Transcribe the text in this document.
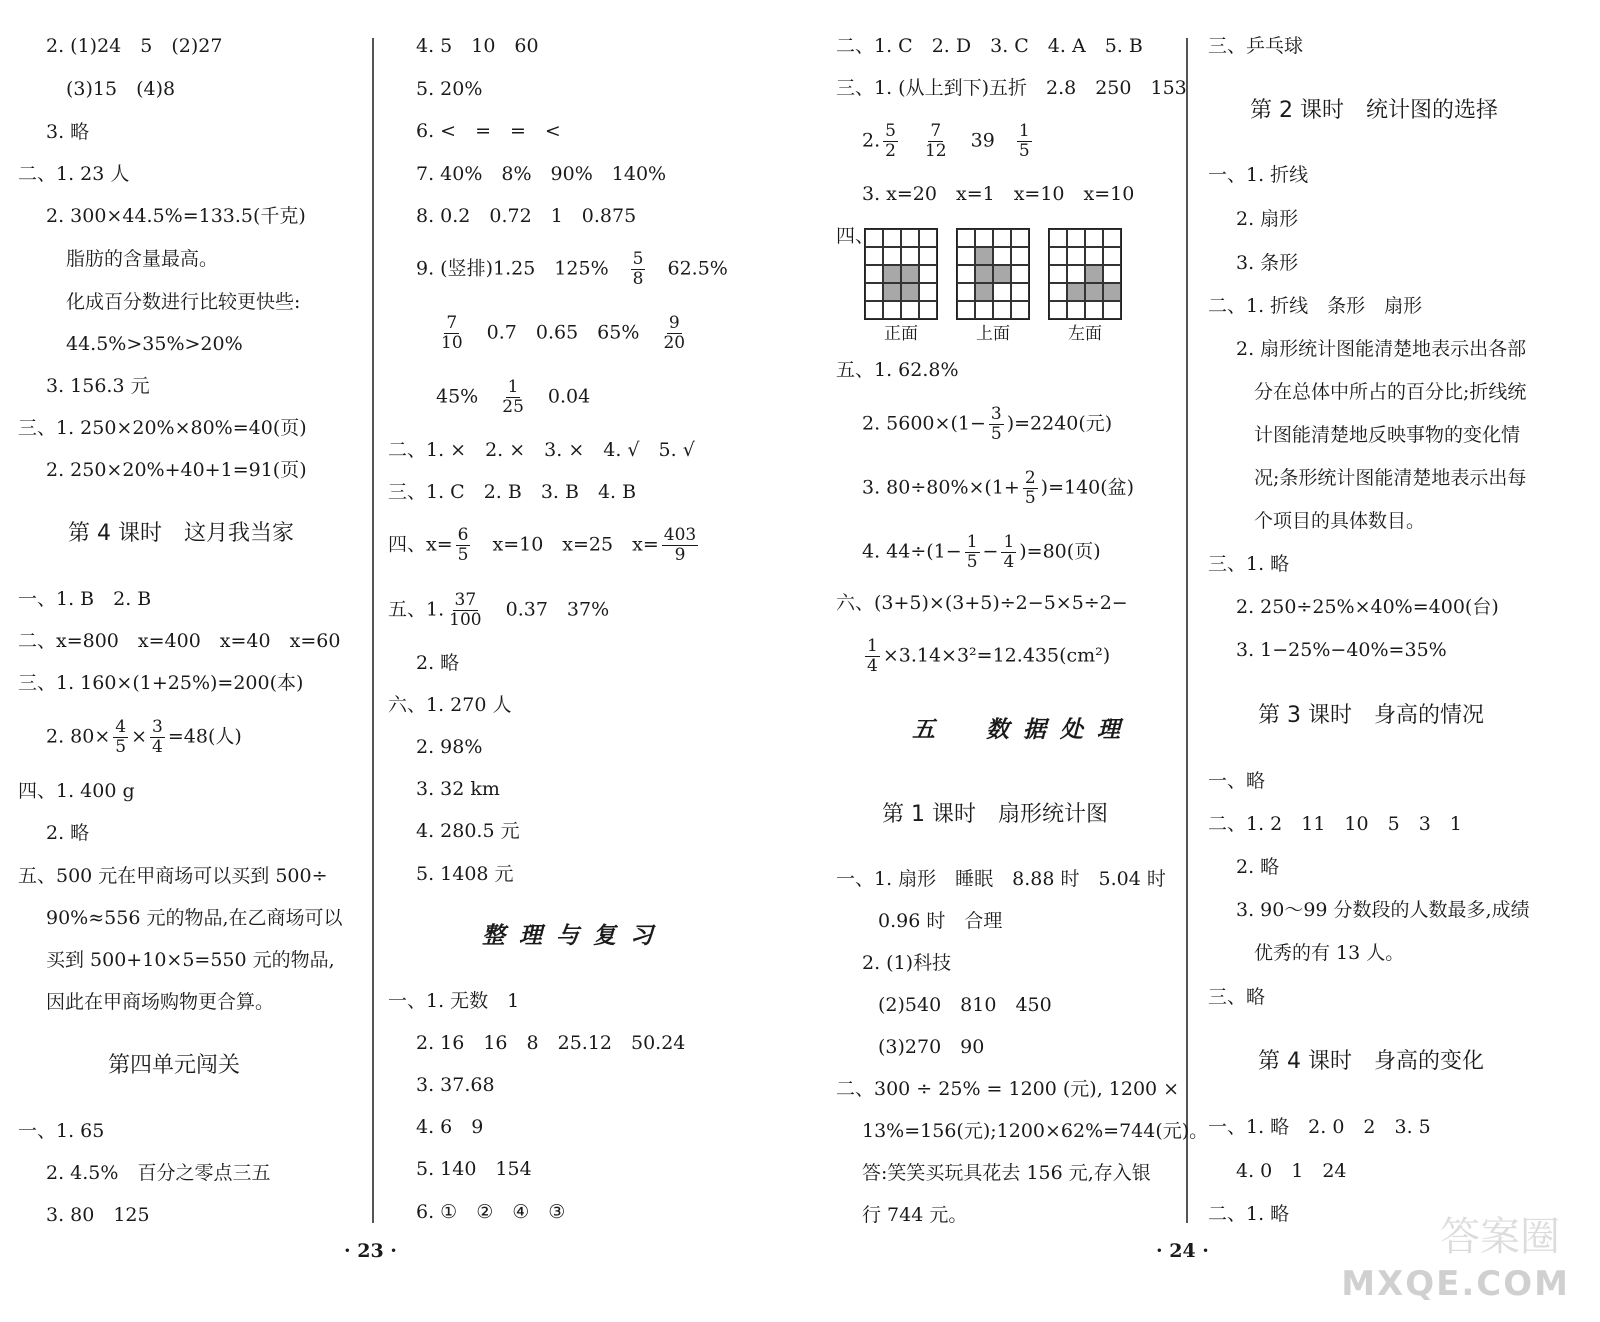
2. (1)24　5　(2)27
(3)15　(4)8
3. 略
二、1. 23 人
2. 300×44.5%=133.5(千克)
脂肪的含量最高。
化成百分数进行比较更快些:
44.5%>35%>20%
3. 156.3 元
三、1. 250×20%×80%=40(页)
2. 250×20%+40+1=91(页)
第 4 课时　这月我当家
一、1. B　2. B
二、x=800　x=400　x=40　x=60
三、1. 160×(1+25%)=200(本)
2. $80\times \frac{4}{5} \times \frac{3}{4} =48$(人)
四、1. 400 g
2. 略
五、500 元在甲商场可以买到 500÷
90%≈556 元的物品,在乙商场可以
买到 500+10×5=550 元的物品,
因此在甲商场购物更合算。
第四单元闯关
一、1. 65
2. 4.5%　百分之零点三五
3. 80　125
4. 5　10　60
5. 20%
6. <　=　=　<
7. 40%　8%　90%　140%
8. 0.2　0.72　1　0.875
9. (竖排)1.25　125%　 $\frac{5}{8}$
　 62.5%
$\frac{7}{10}$
　 0.7　0.65　65%　 $\frac{9}{20}$
45%　 $\frac{1}{25}$
　 0.04
二、1. ×　2. ×　3. ×　4. √　5. √
三、1. C　2. B　3. B　4. B
四、$x= \frac{6}{5}$
　 x=10　x=25　$x= \frac{403}{9}$
五、1. $\frac{37}{100}$
　 0.37　37%
2. 略
六、1. 270 人
2. 98%
3. 32 km
4. 280.5 元
5. 1408 元
整理与复习
一、1. 无数　1
2. 16　16　8　25.12　50.24
3. 37.68
4. 6　9
5. 140　154
6. ①　②　④　③
· 23 ·
二、1. C　2. D　3. C　4. A　5. B
三、1. (从上到下)五折　2.8　250　153
2. $\frac{5}{2}$
　 $\frac{7}{12}$
　 39　 $\frac{1}{5}$
3. x=20　x=1　x=10　x=10
四、
正面	上面	左面
五、1. 62.8%
2. $5600\times(1- \frac{3}{5} )=2240$(元)
3. $80\div 80\%\times(1+ \frac{2}{5} )=140$(盆)
4. $44\div(1- \frac{1}{5} - \frac{1}{4} )=80$(页)
六、(3+5)×(3+5)÷2−5×5÷2−
$\frac{1}{4} \times 3.14\times 3^2=12.435(cm^2)$
五　数据处理
第 1 课时　扇形统计图
一、1. 扇形　睡眠　8.88 时　5.04 时
0.96 时　合理
2. (1)科技
(2)540　810　450
(3)270　90
二、300 ÷ 25% = 1200 (元), 1200 ×
13%=156(元);1200×62%=744(元)。
答:笑笑买玩具花去 156 元,存入银
行 744 元。
· 24 ·
三、乒乓球
第 2 课时　统计图的选择
一、1. 折线
2. 扇形
3. 条形
二、1. 折线　条形　扇形
2. 扇形统计图能清楚地表示出各部
分在总体中所占的百分比;折线统
计图能清楚地反映事物的变化情
况;条形统计图能清楚地表示出每
个项目的具体数目。
三、1. 略
2. 250÷25%×40%=400(台)
3. 1−25%−40%=35%
第 3 课时　身高的情况
一、略
二、1. 2　11　10　5　3　1
2. 略
3. 90～99 分数段的人数最多,成绩
优秀的有 13 人。
三、略
第 4 课时　身高的变化
一、1. 略　2. 0　2　3. 5
4. 0　1　24
二、1. 略	答案圈
MXQE.COM
